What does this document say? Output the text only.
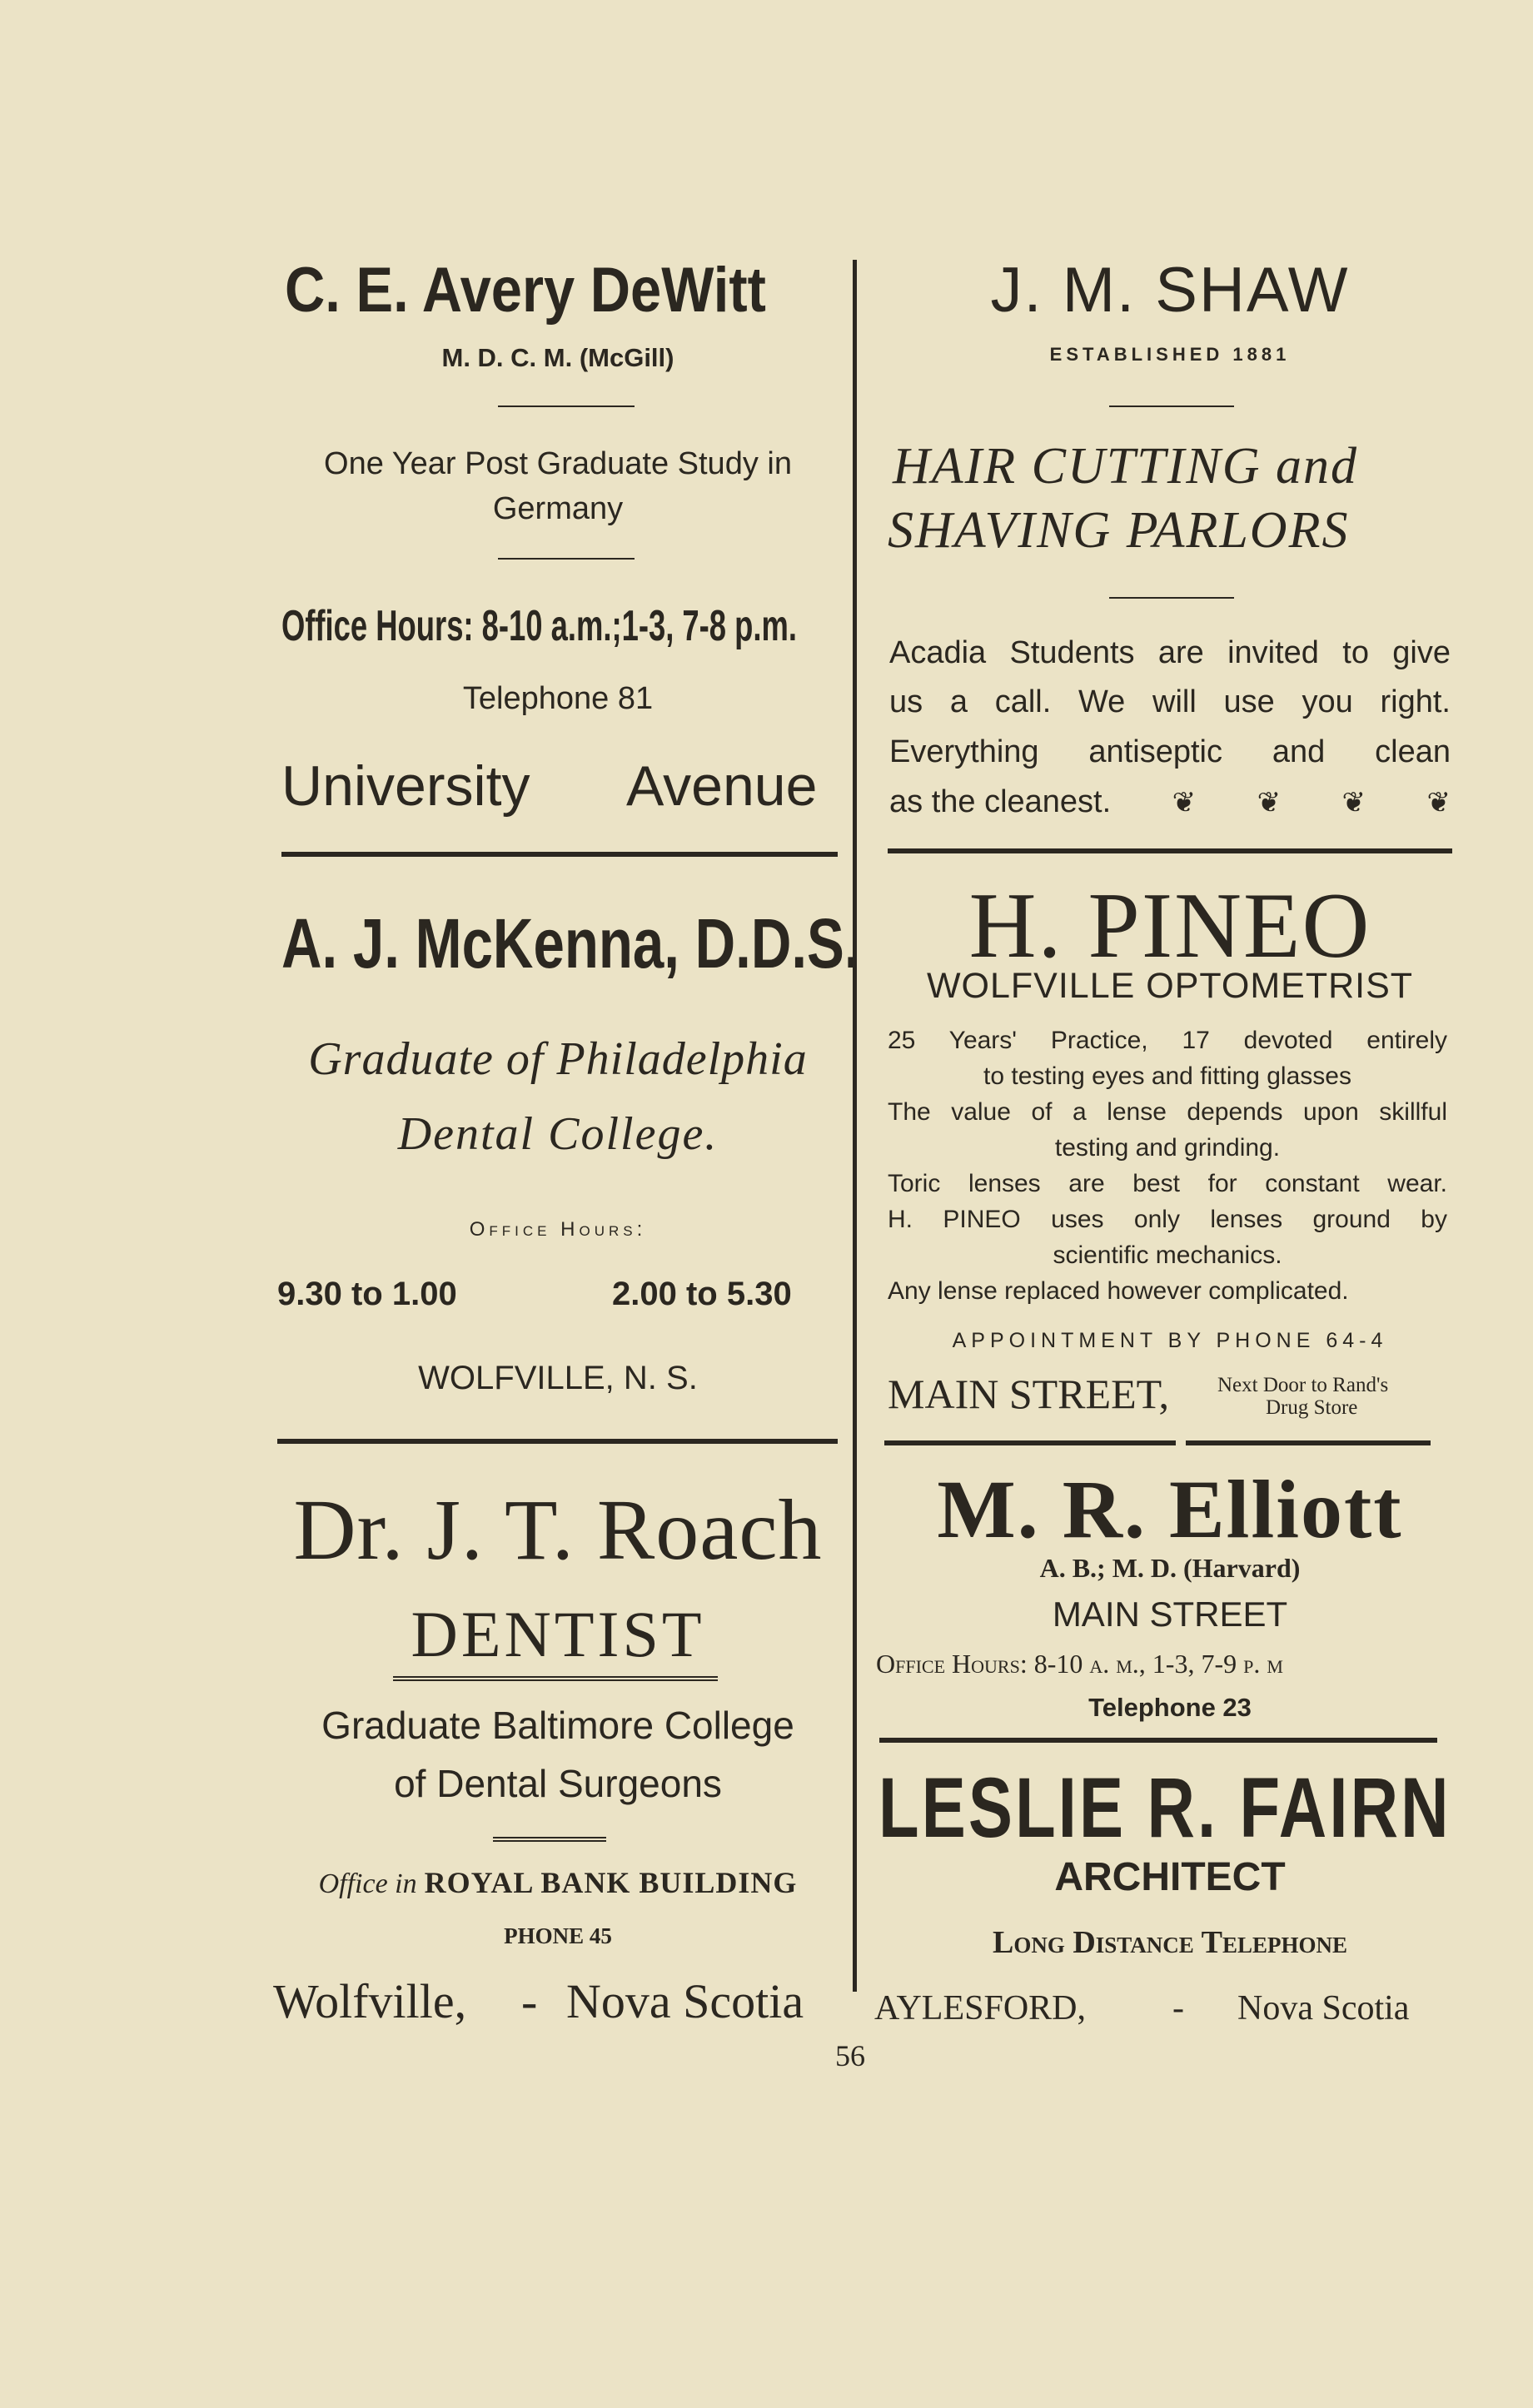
C. E. Avery DeWitt
M. D. C. M. (McGill)
One Year Post Graduate Study in Germany
Office Hours: 8-10 a.m.;1-3, 7-8 p.m.
Telephone 81
University Avenue
A. J. McKenna, D.D.S.
Graduate of Philadelphia
Dental College.
Office Hours:
9.30 to 1.00	2.00 to 5.30
WOLFVILLE, N. S.
Dr. J. T. Roach
DENTIST
Graduate Baltimore College
of Dental Surgeons
Office in ROYAL BANK BUILDING
PHONE 45
Wolfville, - Nova Scotia
J. M. SHAW
ESTABLISHED 1881
HAIR CUTTING and
SHAVING PARLORS
Acadia Students are invited to give
us a call. We will use you right.
Everything antiseptic and clean
as the cleanest. ❦ ❦ ❦ ❦
H. PINEO
WOLFVILLE OPTOMETRIST
25 Years' Practice, 17 devoted entirely
to testing eyes and fitting glasses
The value of a lense depends upon skillful
testing and grinding.
Toric lenses are best for constant wear.
H. PINEO uses only lenses ground by
scientific mechanics.
Any lense replaced however complicated.
APPOINTMENT BY PHONE 64-4
MAIN STREET, Next Door to Rand's
Drug Store
M. R. Elliott
A. B.; M. D. (Harvard)
MAIN STREET
Office Hours: 8-10 a. m., 1-3, 7-9 p. m
Telephone 23
LESLIE R. FAIRN
ARCHITECT
Long Distance Telephone
AYLESFORD, - Nova Scotia
56
